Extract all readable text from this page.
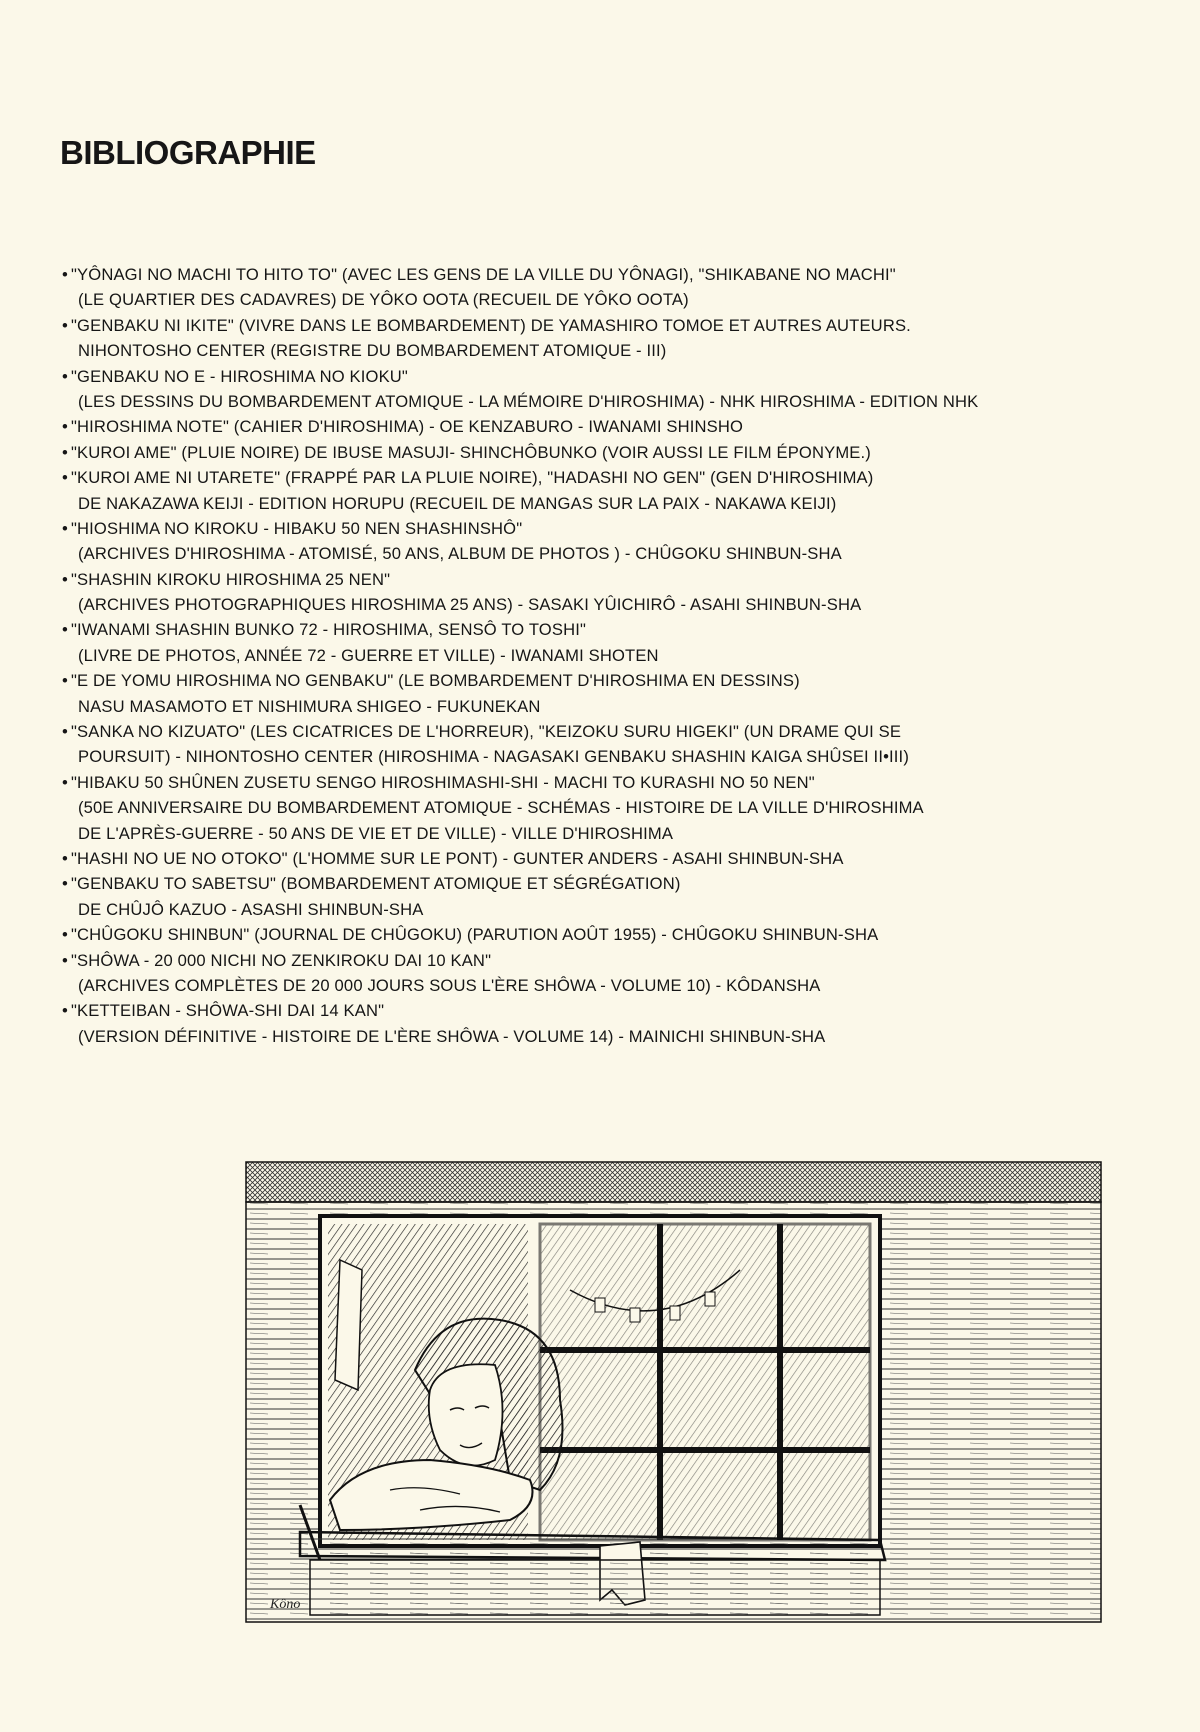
BIBLIOGRAPHIE
• "YÔNAGI NO MACHI TO HITO TO" (AVEC LES GENS DE LA VILLE DU YÔNAGI), "SHIKABANE NO MACHI"
(LE QUARTIER DES CADAVRES) DE YÔKO OOTA (RECUEIL DE YÔKO OOTA)
• "GENBAKU NI IKITE" (VIVRE DANS LE BOMBARDEMENT) DE YAMASHIRO TOMOE ET AUTRES AUTEURS.
NIHONTOSHO CENTER (REGISTRE DU BOMBARDEMENT ATOMIQUE - III)
• "GENBAKU NO E - HIROSHIMA NO KIOKU"
(LES DESSINS DU BOMBARDEMENT ATOMIQUE - LA MÉMOIRE D'HIROSHIMA) - NHK HIROSHIMA - EDITION NHK
• "HIROSHIMA NOTE" (CAHIER D'HIROSHIMA) - OE KENZABURO - IWANAMI SHINSHO
• "KUROI AME" (PLUIE NOIRE) DE IBUSE MASUJI- SHINCHÔBUNKO (VOIR AUSSI LE FILM ÉPONYME.)
• "KUROI AME NI UTARETE" (FRAPPÉ PAR LA PLUIE NOIRE), "HADASHI NO GEN" (GEN D'HIROSHIMA)
DE NAKAZAWA KEIJI - EDITION HORUPU (RECUEIL DE MANGAS SUR LA PAIX - NAKAWA KEIJI)
• "HIOSHIMA NO KIROKU - HIBAKU 50 NEN SHASHINSHÔ"
(ARCHIVES D'HIROSHIMA - ATOMISÉ, 50 ANS, ALBUM DE PHOTOS ) - CHÛGOKU SHINBUN-SHA
• "SHASHIN KIROKU HIROSHIMA 25 NEN"
(ARCHIVES PHOTOGRAPHIQUES HIROSHIMA 25 ANS) - SASAKI YÛICHIRÔ - ASAHI SHINBUN-SHA
• "IWANAMI SHASHIN BUNKO 72 - HIROSHIMA, SENSÔ TO TOSHI"
(LIVRE DE PHOTOS, ANNÉE 72 - GUERRE ET VILLE) - IWANAMI SHOTEN
• "E DE YOMU HIROSHIMA NO GENBAKU" (LE BOMBARDEMENT D'HIROSHIMA EN DESSINS)
NASU MASAMOTO ET NISHIMURA SHIGEO - FUKUNEKAN
• "SANKA NO KIZUATO" (LES CICATRICES DE L'HORREUR), "KEIZOKU SURU HIGEKI" (UN DRAME QUI SE
POURSUIT) - NIHONTOSHO CENTER (HIROSHIMA - NAGASAKI GENBAKU SHASHIN KAIGA SHÛSEI II•III)
• "HIBAKU 50 SHÛNEN ZUSETU SENGO HIROSHIMASHI-SHI - MACHI TO KURASHI NO 50 NEN"
(50E ANNIVERSAIRE DU BOMBARDEMENT ATOMIQUE - SCHÉMAS - HISTOIRE DE LA VILLE D'HIROSHIMA
DE L'APRÈS-GUERRE - 50 ANS DE VIE ET DE VILLE) - VILLE D'HIROSHIMA
• "HASHI NO UE NO OTOKO" (L'HOMME SUR LE PONT) - GUNTER ANDERS - ASAHI SHINBUN-SHA
• "GENBAKU TO SABETSU" (BOMBARDEMENT ATOMIQUE ET SÉGRÉGATION)
DE CHÛJÔ KAZUO - ASASHI SHINBUN-SHA
• "CHÛGOKU SHINBUN" (JOURNAL DE CHÛGOKU) (PARUTION AOÛT 1955) - CHÛGOKU SHINBUN-SHA
• "SHÔWA - 20 000 NICHI NO ZENKIROKU DAI 10 KAN"
(ARCHIVES COMPLÈTES DE 20 000 JOURS SOUS L'ÈRE SHÔWA - VOLUME 10) - KÔDANSHA
• "KETTEIBAN - SHÔWA-SHI DAI 14 KAN"
(VERSION DÉFINITIVE - HISTOIRE DE L'ÈRE SHÔWA - VOLUME 14) - MAINICHI SHINBUN-SHA
Kôno
